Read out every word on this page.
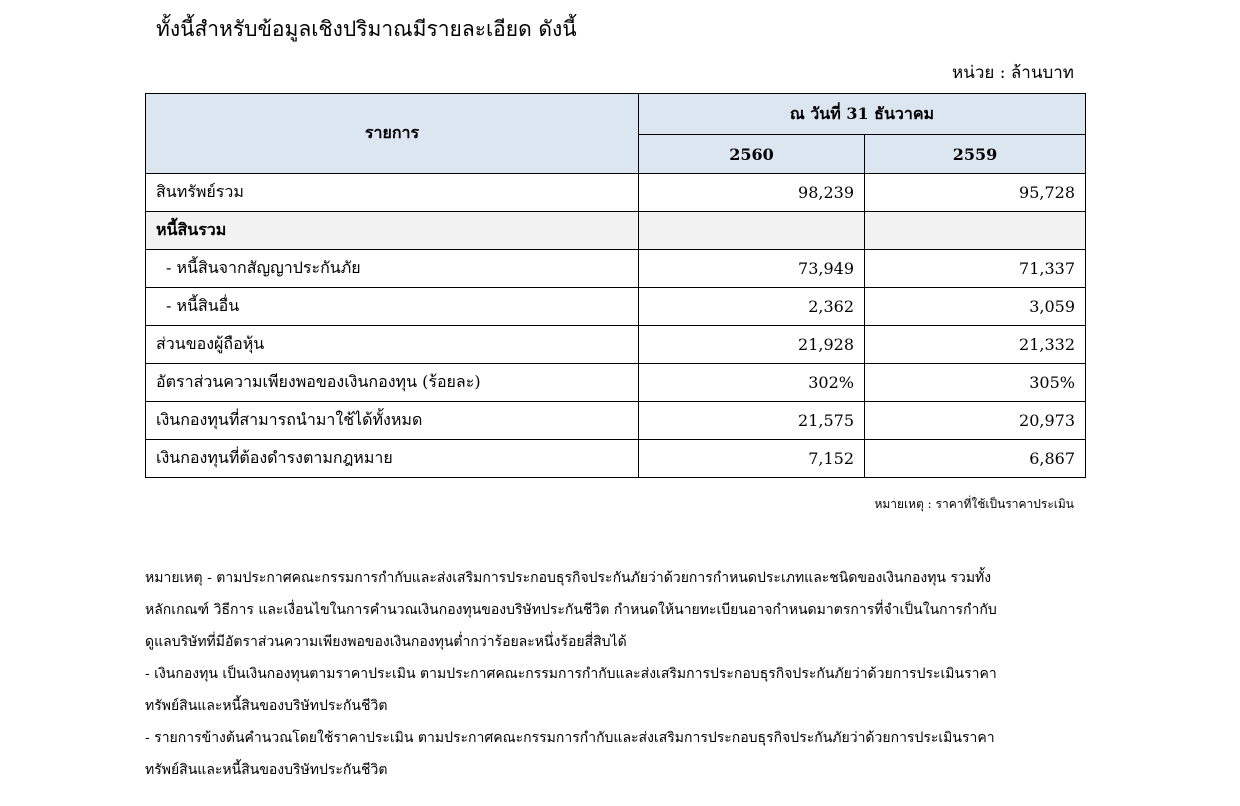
ทั้งนี้สำหรับข้อมูลเชิงปริมาณมีรายละเอียด ดังนี้
หน่วย : ล้านบาท
รายการ	ณ วันที่ 31 ธันวาคม	
	2560	2559
สินทรัพย์รวม	98,239	95,728
หนี้สินรวม		
- หนี้สินจากสัญญาประกันภัย	73,949	71,337
- หนี้สินอื่น	2,362	3,059
ส่วนของผู้ถือหุ้น	21,928	21,332
อัตราส่วนความเพียงพอของเงินกองทุน (ร้อยละ)	302%	305%
เงินกองทุนที่สามารถนำมาใช้ได้ทั้งหมด	21,575	20,973
เงินกองทุนที่ต้องดำรงตามกฎหมาย	7,152	6,867
หมายเหตุ : ราคาที่ใช้เป็นราคาประเมิน

หมายเหตุ - ตามประกาศคณะกรรมการกำกับและส่งเสริมการประกอบธุรกิจประกันภัยว่าด้วยการกำหนดประเภทและชนิดของเงินกองทุน รวมทั้ง

หลักเกณฑ์ วิธีการ และเงื่อนไขในการคำนวณเงินกองทุนของบริษัทประกันชีวิต กำหนดให้นายทะเบียนอาจกำหนดมาตรการที่จำเป็นในการกำกับ

ดูแลบริษัทที่มีอัตราส่วนความเพียงพอของเงินกองทุนต่ำกว่าร้อยละหนึ่งร้อยสี่สิบได้

- เงินกองทุน เป็นเงินกองทุนตามราคาประเมิน ตามประกาศคณะกรรมการกำกับและส่งเสริมการประกอบธุรกิจประกันภัยว่าด้วยการประเมินราคา

ทรัพย์สินและหนี้สินของบริษัทประกันชีวิต

- รายการข้างต้นคำนวณโดยใช้ราคาประเมิน ตามประกาศคณะกรรมการกำกับและส่งเสริมการประกอบธุรกิจประกันภัยว่าด้วยการประเมินราคา

ทรัพย์สินและหนี้สินของบริษัทประกันชีวิต
